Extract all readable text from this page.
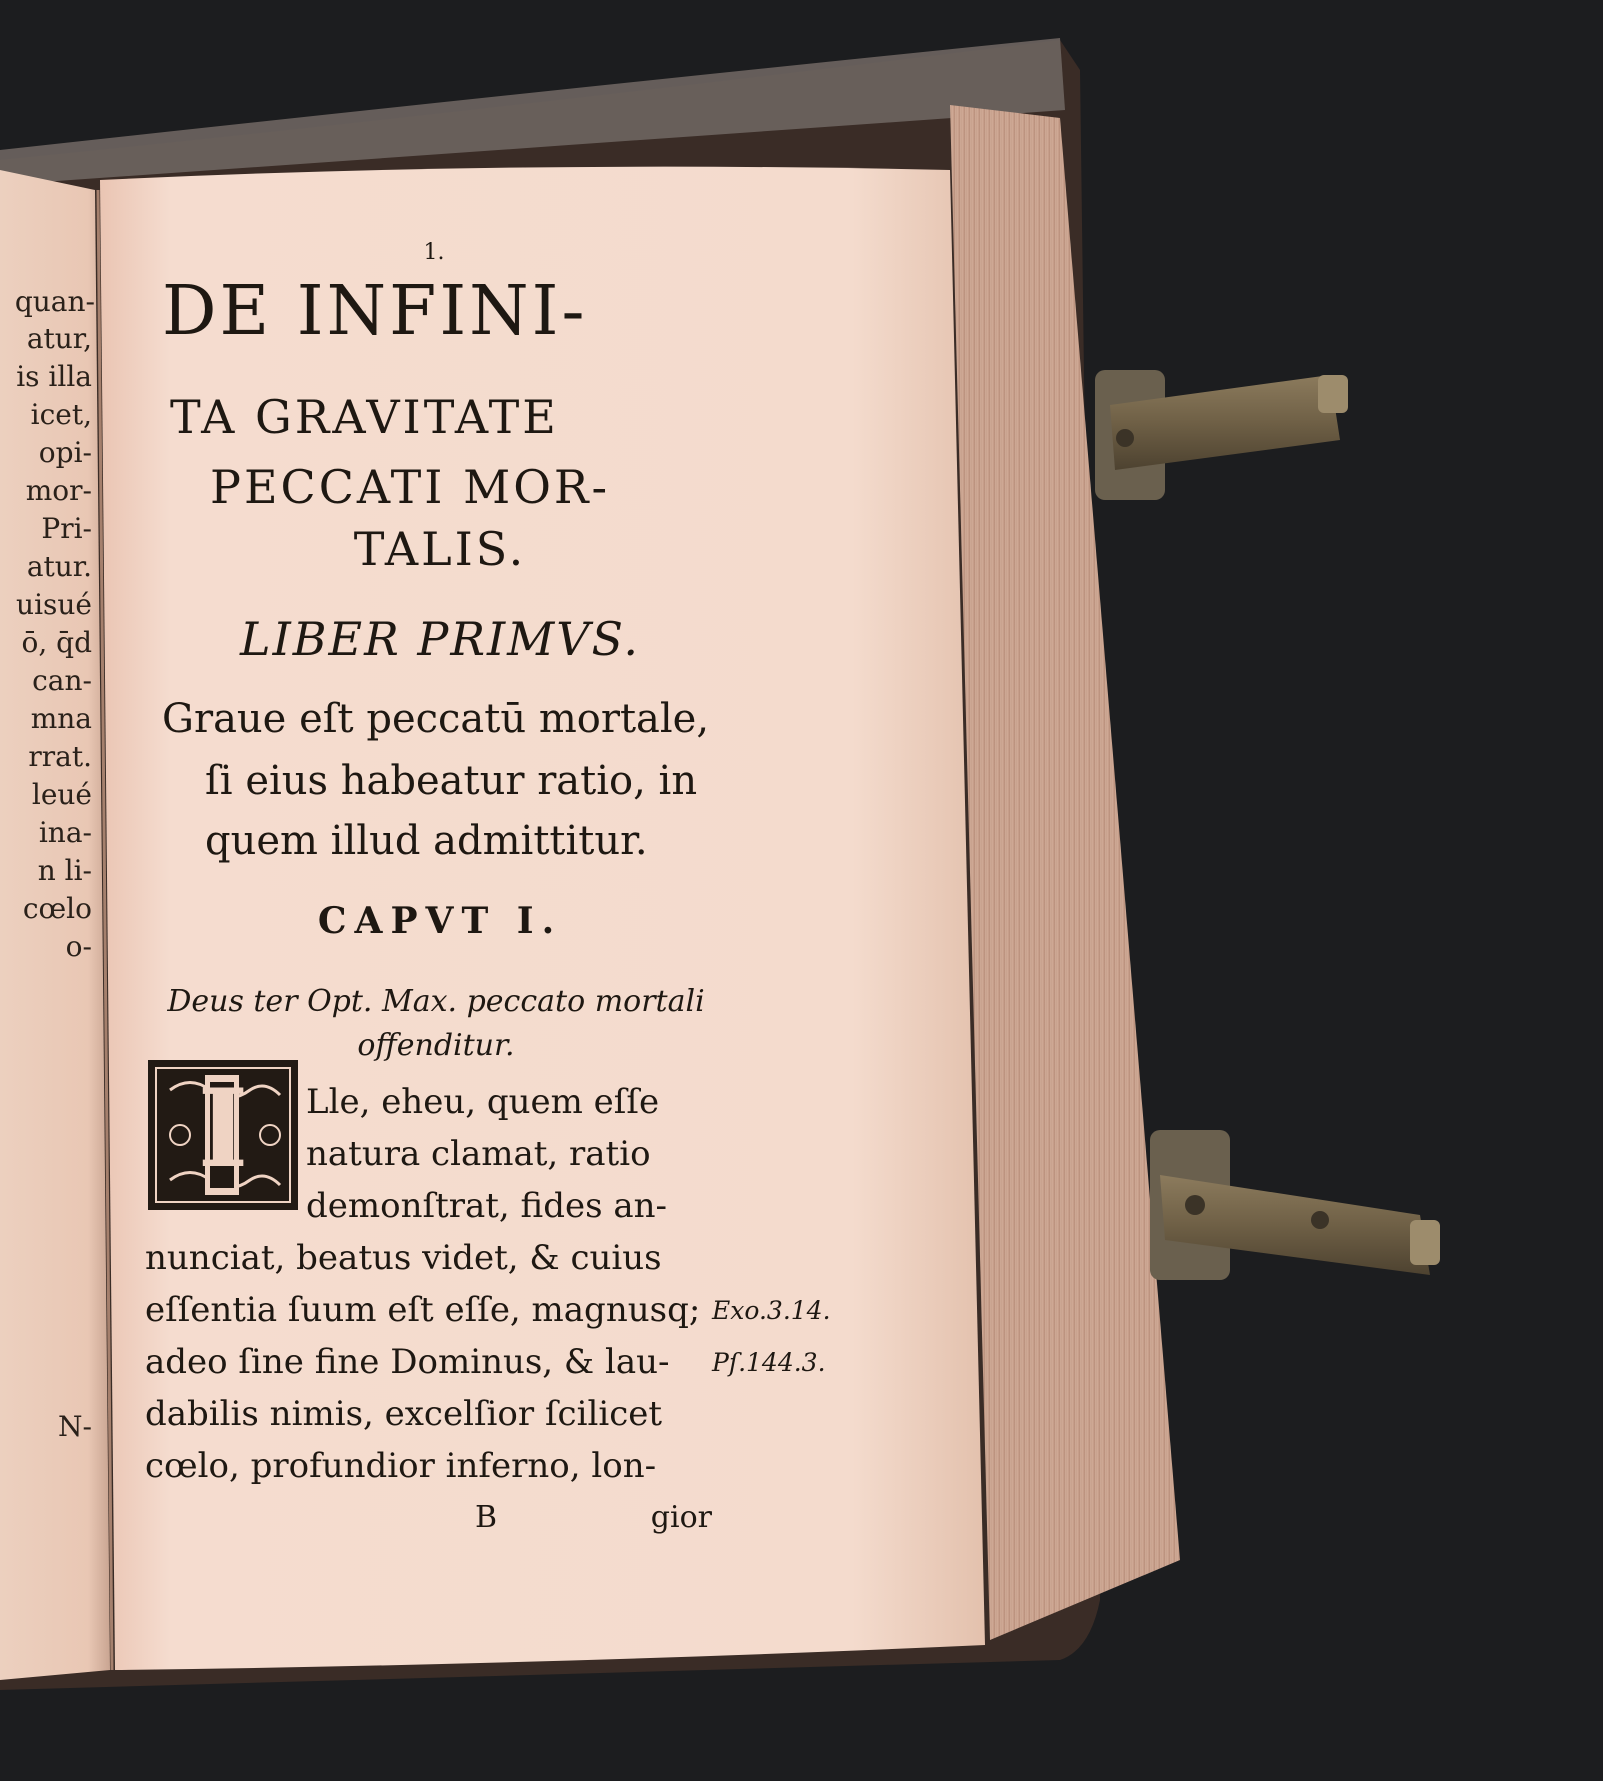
quan-

atur,

is illa

icet,

opi-

mor-

Pri-

atur.

uisué

ō, q̄d

can-

mna

rrat.

leué

ina-

n li-

cœlo

o-

N-

1.

DE INFINI-

TA GRAVITATE

PECCATI MOR-

TALIS.

LIBER PRIMVS.

Graue eſt peccatū mortale,

ſi eius habeatur ratio, in

quem illud admittitur.

CAPVT I.

Deus ter Opt. Max. peccato mortali

offenditur.

I Lle, eheu, quem eſſe

natura clamat, ratio

demonſtrat, fides an-

nunciat, beatus videt, & cuius

eſſentia ſuum eſt eſſe, magnusq;

adeo ſine fine Dominus, & lau-

dabilis nimis, excelſior ſcilicet

cœlo, profundior inferno, lon-

Exo.3.14.

Pſ.144.3.

B	gior
